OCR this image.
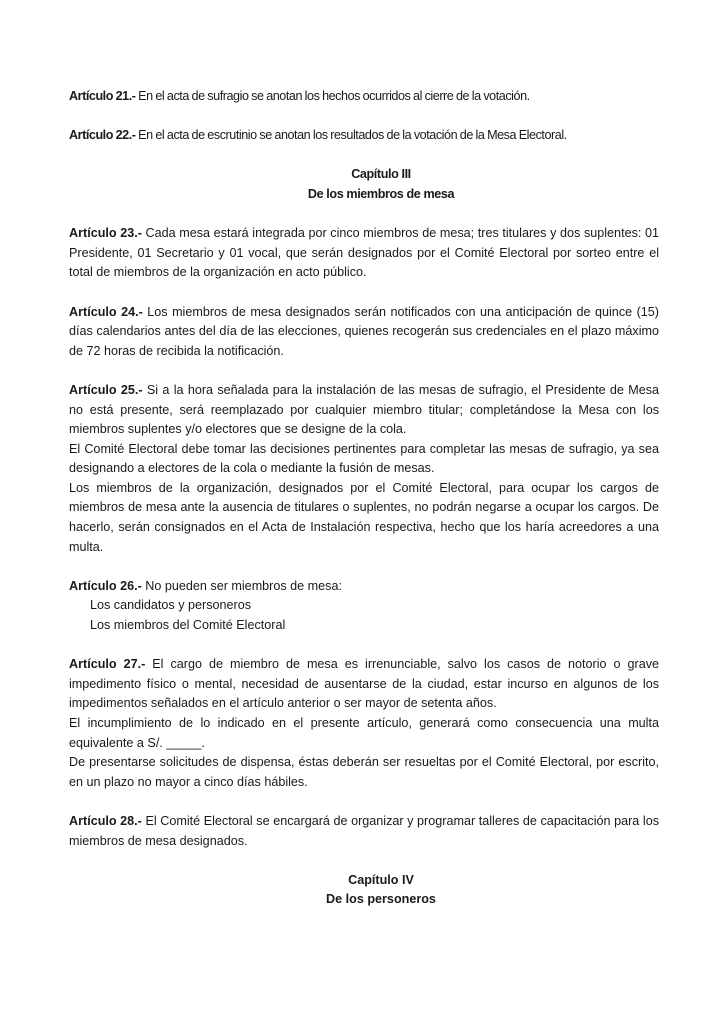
Artículo 21.- En el acta de sufragio se anotan los hechos ocurridos al cierre de la votación.

Artículo 22.- En el acta de escrutinio se anotan los resultados de la votación de la Mesa Electoral.

Capítulo III

De los miembros de mesa

Artículo 23.- Cada mesa estará integrada por cinco miembros de mesa; tres titulares y dos suplentes: 01 Presidente, 01 Secretario y 01 vocal, que serán designados por el Comité Electoral por sorteo entre el total de miembros de la organización en acto público.

Artículo 24.- Los miembros de mesa designados serán notificados con una anticipación de quince (15) días calendarios antes del día de las elecciones, quienes recogerán sus credenciales en el plazo máximo de 72 horas de recibida la notificación.

Artículo 25.- Si a la hora señalada para la instalación de las mesas de sufragio, el Presidente de Mesa no está presente, será reemplazado por cualquier miembro titular; completándose la Mesa con los miembros suplentes y/o electores que se designe de la cola.

El Comité Electoral debe tomar las decisiones pertinentes para completar las mesas de sufragio, ya sea designando a electores de la cola o mediante la fusión de mesas.

Los miembros de la organización, designados por el Comité Electoral, para ocupar los cargos de miembros de mesa ante la ausencia de titulares o suplentes, no podrán negarse a ocupar los cargos. De hacerlo, serán consignados en el Acta de Instalación respectiva, hecho que los haría acreedores a una multa.

Artículo 26.- No pueden ser miembros de mesa:

Los candidatos y personeros

Los miembros del Comité Electoral

Artículo 27.- El cargo de miembro de mesa es irrenunciable, salvo los casos de notorio o grave impedimento físico o mental, necesidad de ausentarse de la ciudad, estar incurso en algunos de los impedimentos señalados en el artículo anterior o ser mayor de setenta años.

El incumplimiento de lo indicado en el presente artículo, generará como consecuencia una multa equivalente a S/. _____.

De presentarse solicitudes de dispensa, éstas deberán ser resueltas por el Comité Electoral, por escrito, en un plazo no mayor a cinco días hábiles.

Artículo 28.- El Comité Electoral se encargará de organizar y programar talleres de capacitación para los miembros de mesa designados.

Capítulo IV

De los personeros
